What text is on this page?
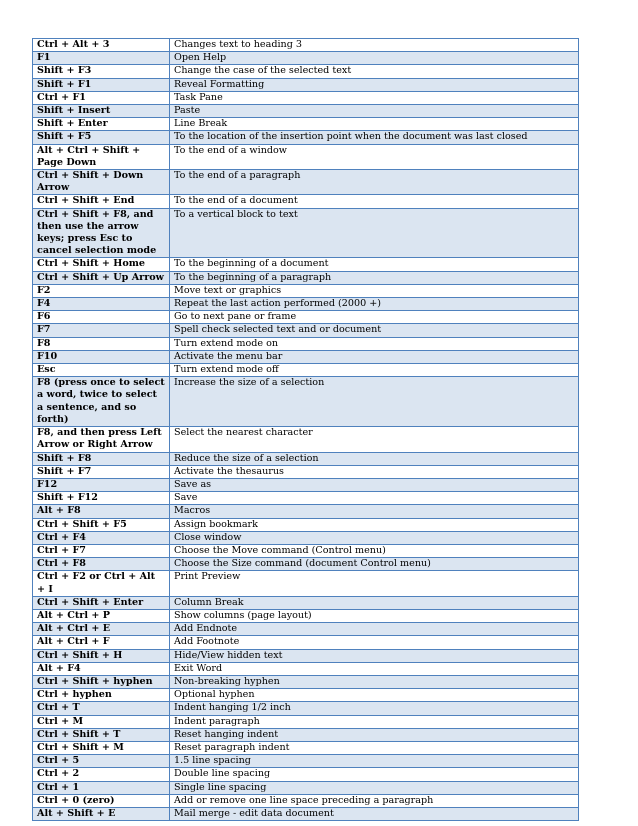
Ctrl + Alt + 3	Changes text to heading 3
F1	Open Help
Shift + F3	Change the case of the selected text
Shift + F1	Reveal Formatting
Ctrl + F1	Task Pane
Shift + Insert	Paste
Shift + Enter	Line Break
Shift + F5	To the location of the insertion point when the document was last closed
Alt + Ctrl + Shift + Page Down	To the end of a window
Ctrl + Shift + Down Arrow	To the end of a paragraph
Ctrl + Shift + End	To the end of a document
Ctrl + Shift + F8, and then use the arrow keys; press Esc to cancel selection mode	To a vertical block to text
Ctrl + Shift + Home	To the beginning of a document
Ctrl + Shift + Up Arrow	To the beginning of a paragraph
F2	Move text or graphics
F4	Repeat the last action performed (2000 +)
F6	Go to next pane or frame
F7	Spell check selected text and or document
F8	Turn extend mode on
F10	Activate the menu bar
Esc	Turn extend mode off
F8 (press once to select a word, twice to select a sentence, and so forth)	Increase the size of a selection
F8, and then press Left Arrow or Right Arrow	Select the nearest character
Shift + F8	Reduce the size of a selection
Shift + F7	Activate the thesaurus
F12	Save as
Shift + F12	Save
Alt + F8	Macros
Ctrl + Shift + F5	Assign bookmark
Ctrl + F4	Close window
Ctrl + F7	Choose the Move command (Control menu)
Ctrl + F8	Choose the Size command (document Control menu)
Ctrl + F2 or Ctrl + Alt + I	Print Preview
Ctrl + Shift + Enter	Column Break
Alt + Ctrl + P	Show columns (page layout)
Alt + Ctrl + E	Add Endnote
Alt + Ctrl + F	Add Footnote
Ctrl + Shift + H	Hide/View hidden text
Alt + F4	Exit Word
Ctrl + Shift + hyphen	Non-breaking hyphen
Ctrl + hyphen	Optional hyphen
Ctrl + T	Indent hanging 1/2 inch
Ctrl + M	Indent paragraph
Ctrl + Shift + T	Reset hanging indent
Ctrl + Shift + M	Reset paragraph indent
Ctrl + 5	1.5 line spacing
Ctrl + 2	Double line spacing
Ctrl + 1	Single line spacing
Ctrl + 0 (zero)	Add or remove one line space preceding a paragraph
Alt + Shift + E	Mail merge - edit data document
